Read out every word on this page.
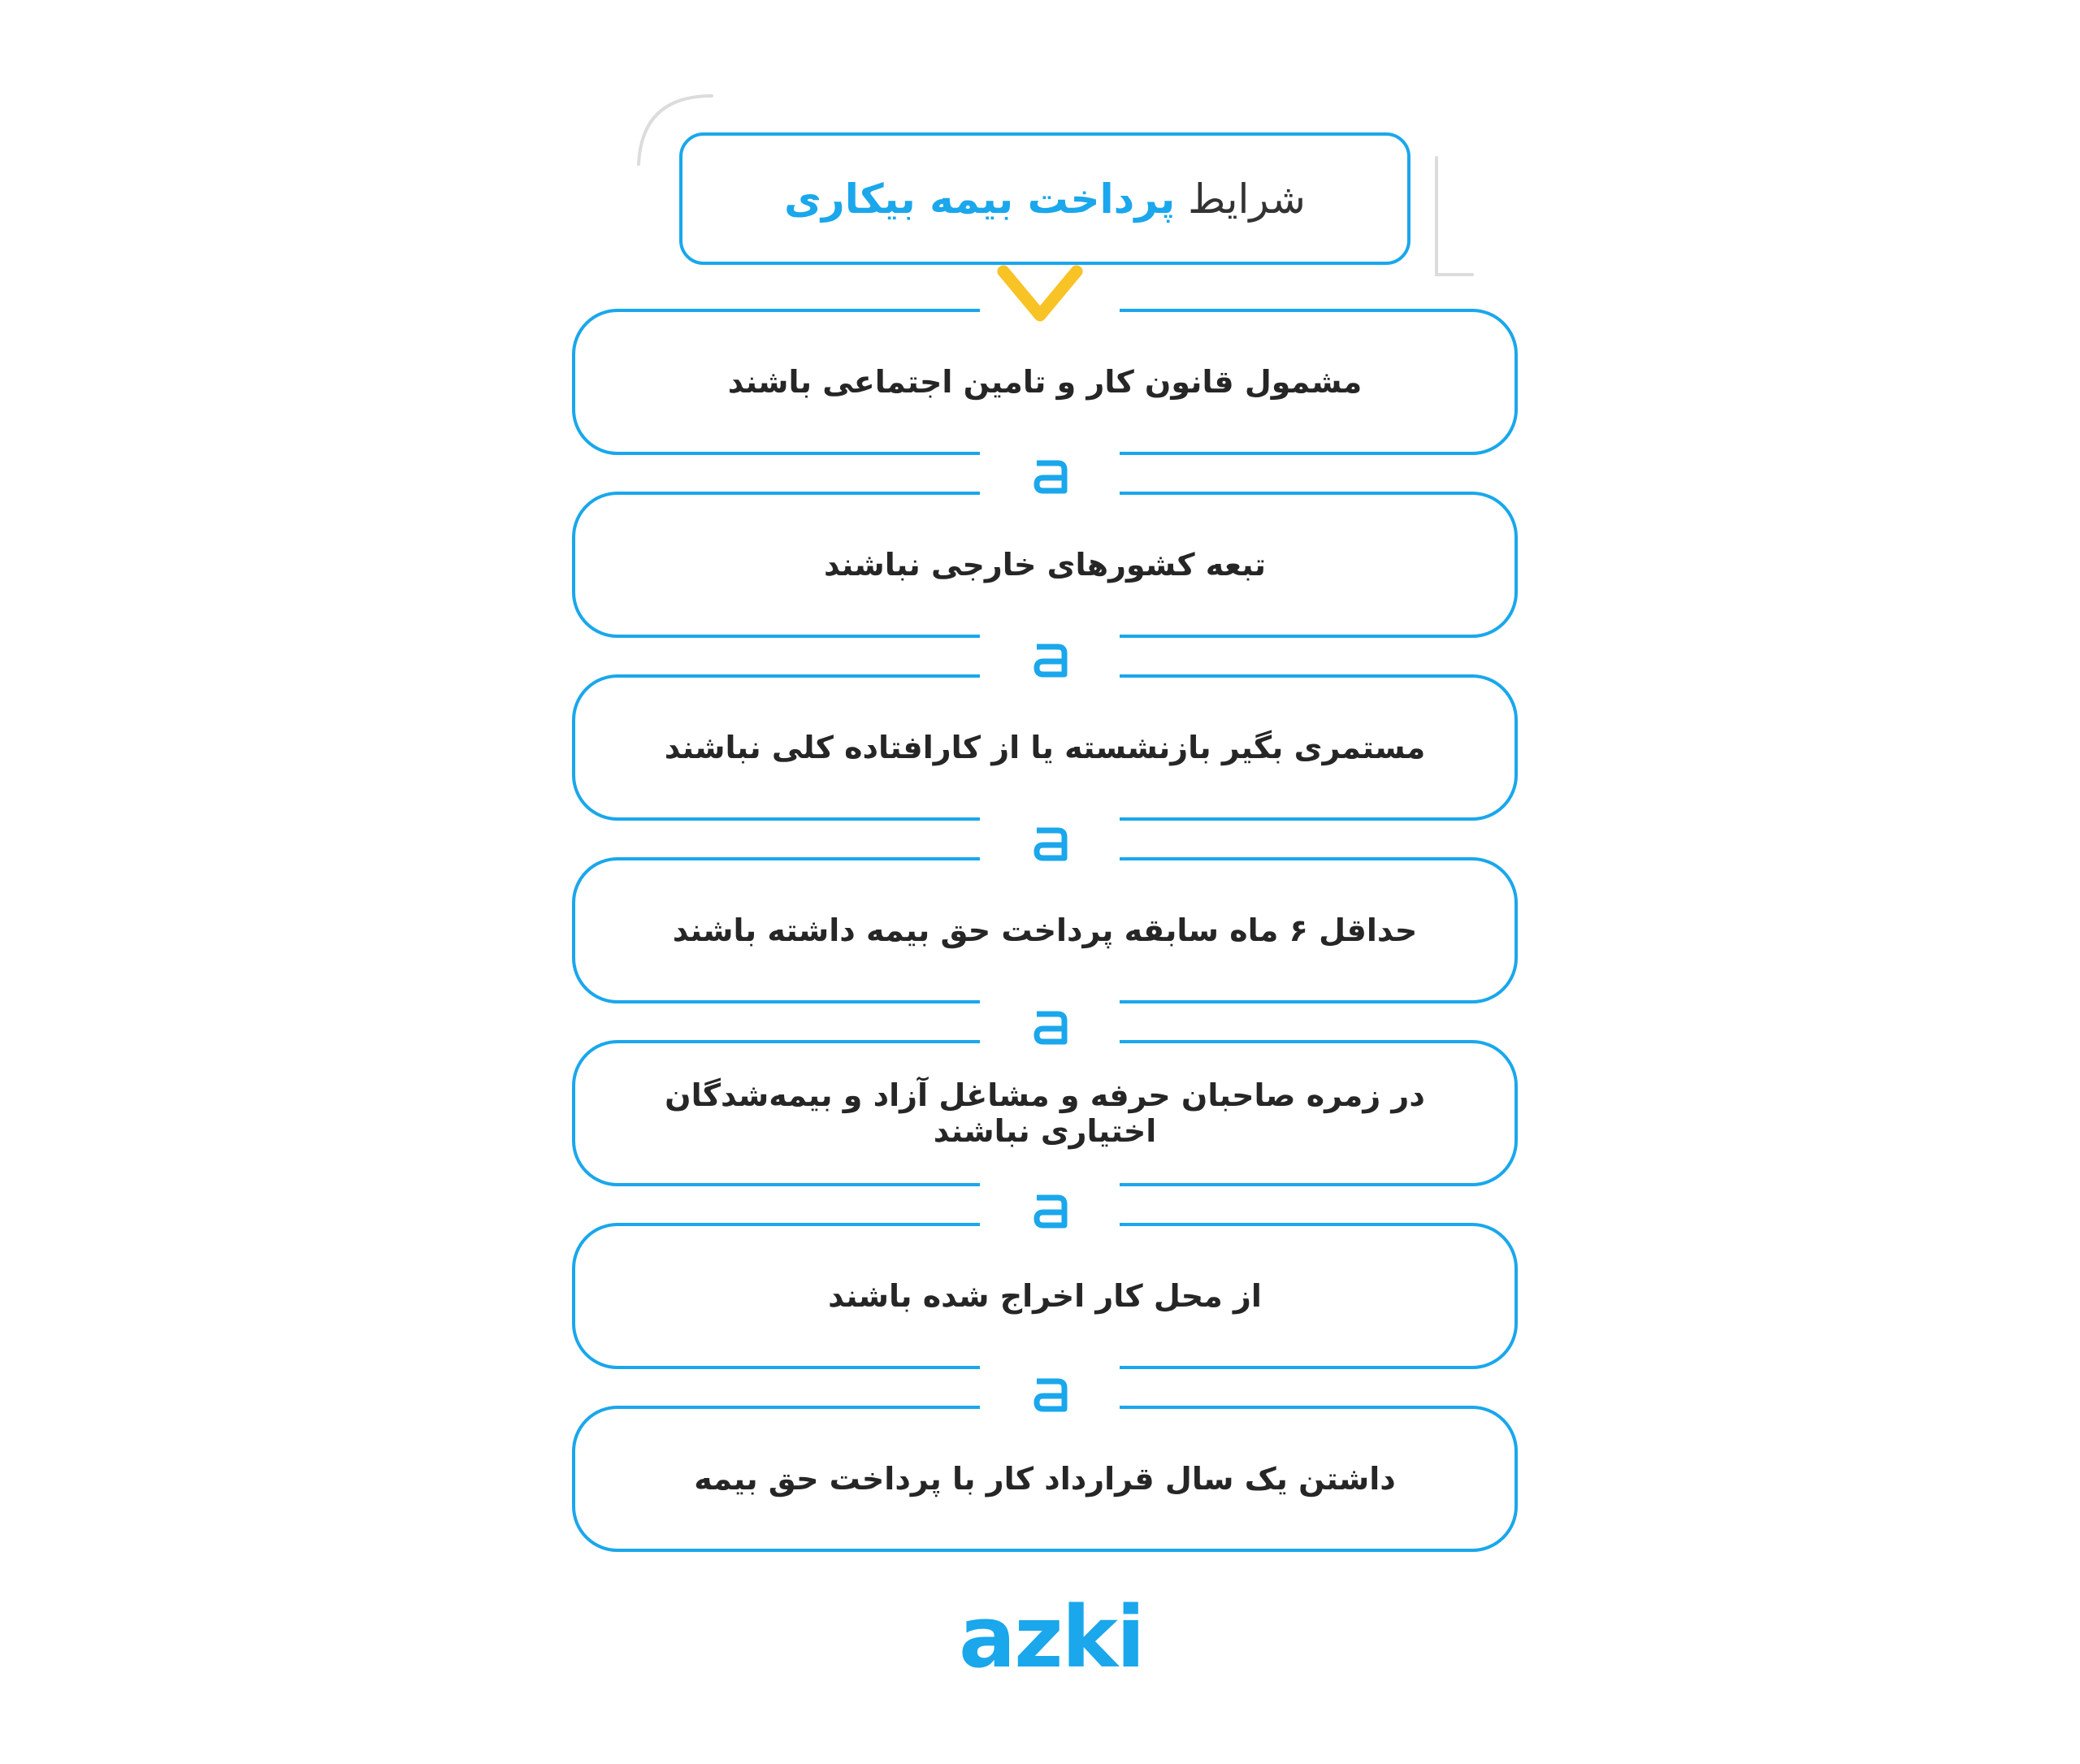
شرایط

پرداخت بیمه بیکاری
مشمول قانون کار و تامین اجتماعی باشند
تبعه کشورهای خارجی نباشند
مستمری بگیر بازنشسته یا از کارافتاده کلی نباشند
حداقل ۶ ماه سابقه پرداخت حق بیمه داشته باشند
در زمره صاحبان حرفه و مشاغل آزاد و بیمه‌شدگان اختیاری نباشند
از محل کار اخراج شده باشند
داشتن یک سال قرارداد کار با پرداخت حق بیمه
azki
